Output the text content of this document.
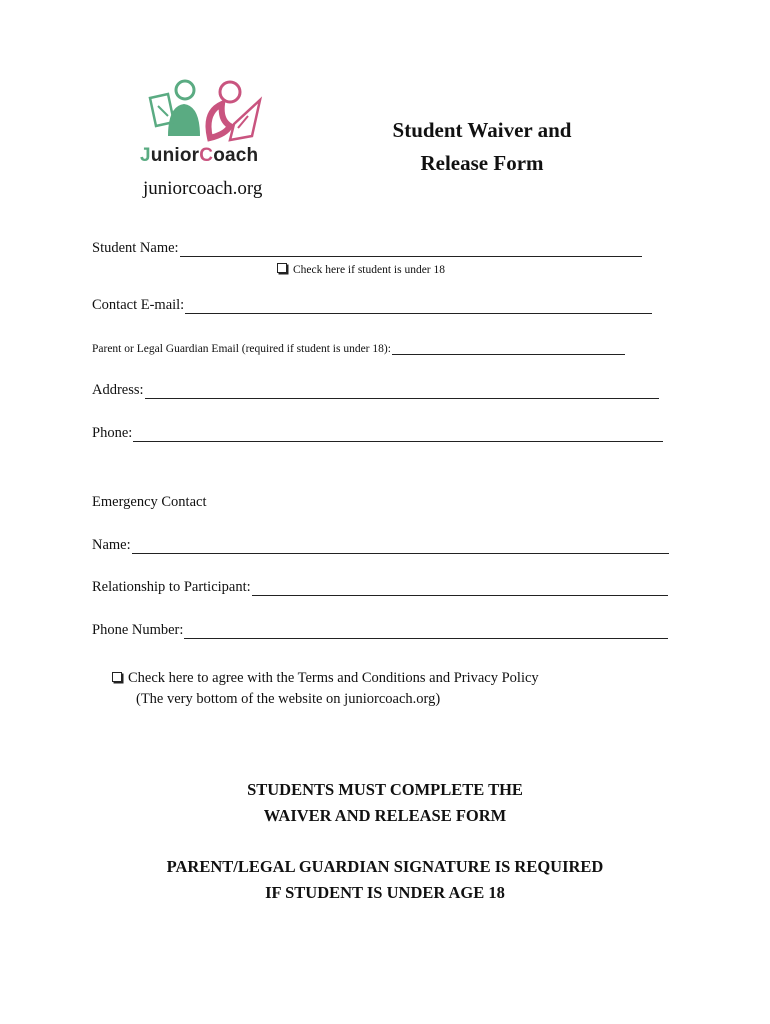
JuniorCoach
juniorcoach.org
Student Waiver and
Release Form
Student Name:
Check here if student is under 18
Contact E-mail:
Parent or Legal Guardian Email (required if student is under 18):
Address:
Phone:
Emergency Contact
Name:
Relationship to Participant:
Phone Number:
Check here to agree with the Terms and Conditions and Privacy Policy
(The very bottom of the website on juniorcoach.org)
STUDENTS MUST COMPLETE THE
WAIVER AND RELEASE FORM
PARENT/LEGAL GUARDIAN SIGNATURE IS REQUIRED
IF STUDENT IS UNDER AGE 18
